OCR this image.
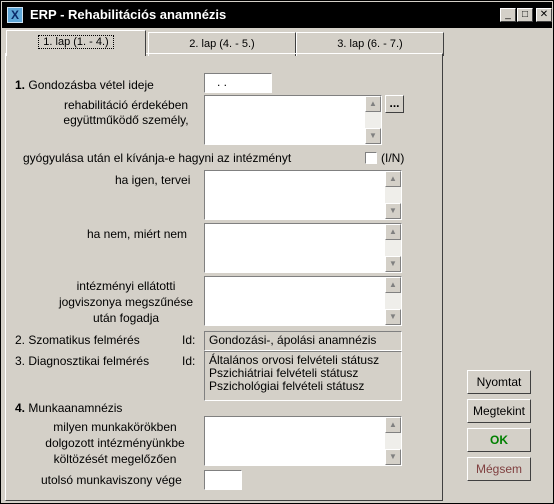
X ERP - Rehabilitációs anamnézis	_	□	✕
1. lap (1. - 4.)	2. lap (4. - 5.)	3. lap (6. - 7.)
1. Gondozásba vétel ideje	. .
rehabilitáció érdekében
együttműködő személy,
▲
▼
...
gyógyulása után el kívánja-e hagyni az intézményt	(I/N)
ha igen, tervei	▲
▼
ha nem, miért nem	▲
▼
intézményi ellátotti
jogviszonya megszűnése
után fogadja
▲
▼
2. Szomatikus felmérés	Id:	Gondozási-, ápolási anamnézis
3. Diagnosztikai felmérés	Id: Általános orvosi felvételi státusz
Pszichiátriai felvételi státusz
Pszichológiai felvételi státusz
4. Munkaanamnézis
milyen munkakörökben
dolgozott intézményünkbe
költözését megelőzően
▲
▼
utolsó munkaviszony vége
Nyomtat
Megtekint
OK
Mégsem
